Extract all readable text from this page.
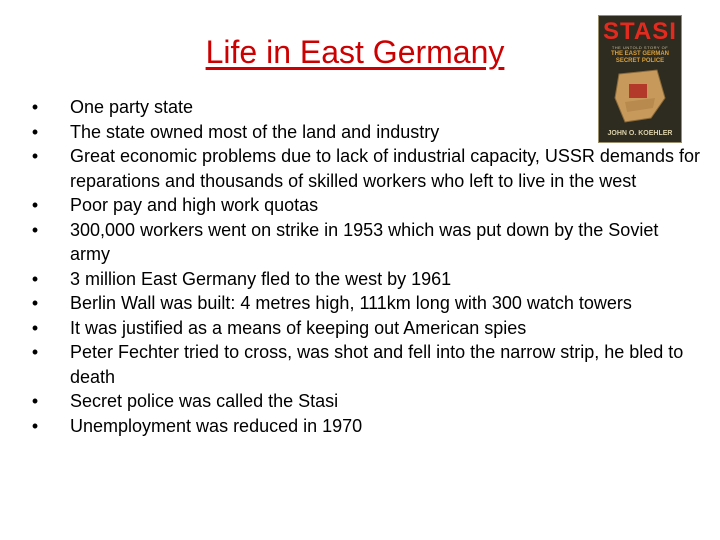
Life in East Germany
STASI
THE UNTOLD STORY OF
THE EAST GERMAN SECRET POLICE
JOHN O. KOEHLER
• One party state
• The state owned most of the land and industry
• Great economic problems due to lack of industrial capacity, USSR demands for reparations and thousands of skilled workers who left to live in the west
• Poor pay and high work quotas
• 300,000 workers went on strike in 1953 which was put down by the Soviet army
• 3 million East Germany fled to the west by 1961
• Berlin Wall was built: 4 metres high, 111km long with 300 watch towers
• It was justified as a means of keeping out American spies
• Peter Fechter tried to cross, was shot and fell into the narrow strip, he bled to death
• Secret police was called the Stasi
• Unemployment was reduced in 1970
